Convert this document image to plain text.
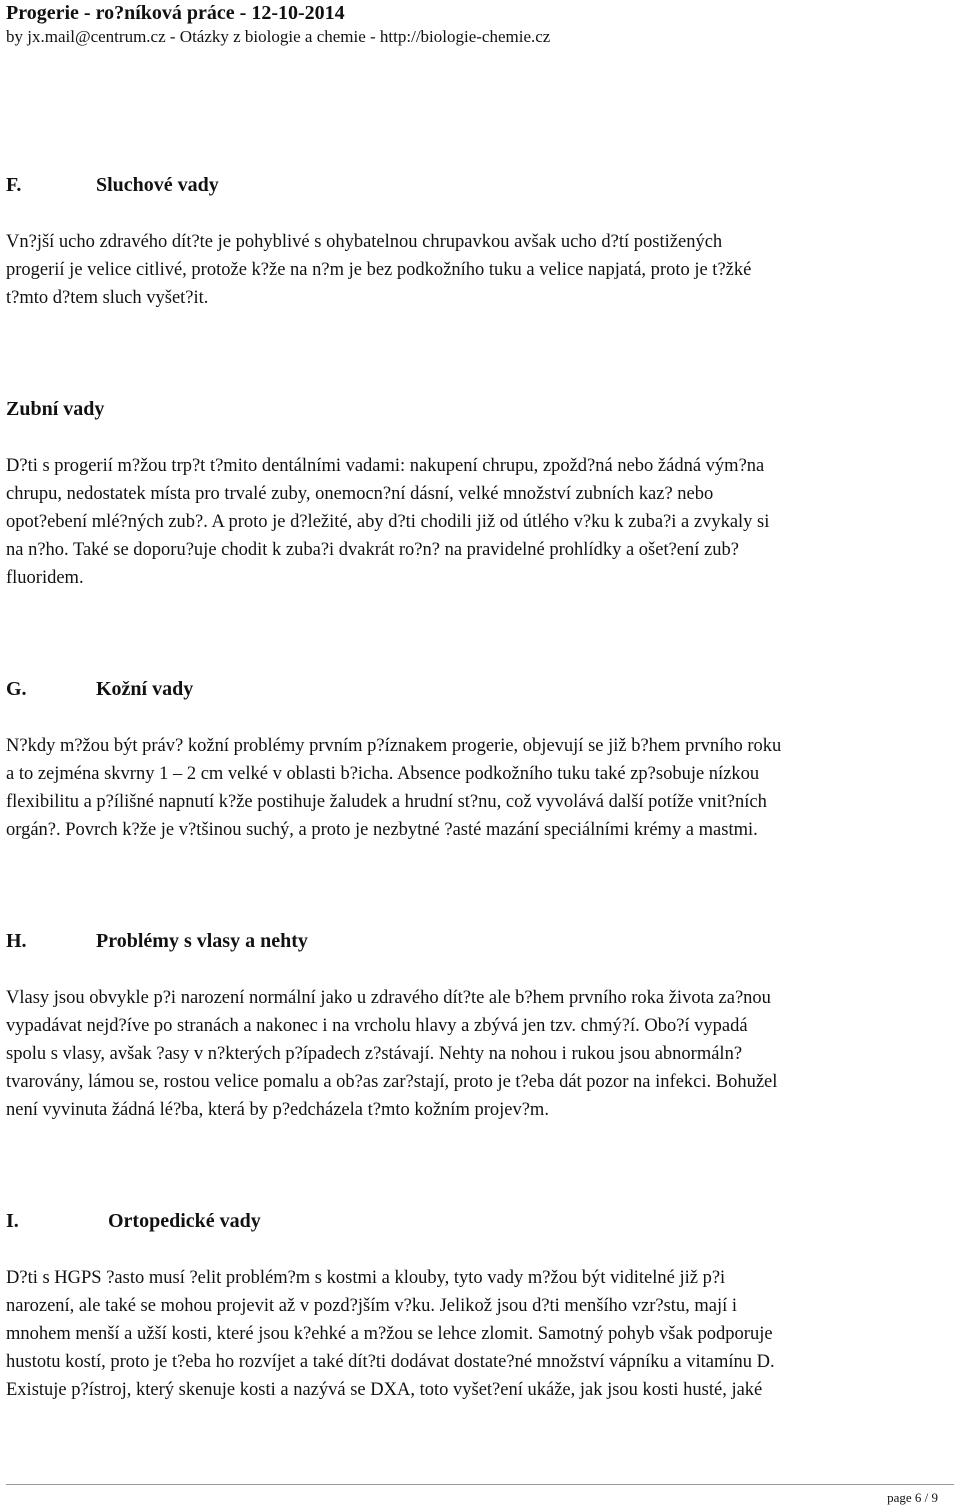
Progerie - ro?níková práce - 12-10-2014
by jx.mail@centrum.cz - Otázky z biologie a chemie - http://biologie-chemie.cz
F.	Sluchové vady

Vn?jší ucho zdravého dít?te je pohyblivé s ohybatelnou chrupavkou avšak ucho d?tí postižených
progerií je velice citlivé, protože k?že na n?m je bez podkožního tuku a velice napjatá, proto je t?žké
t?mto d?tem sluch vyšet?it.

Zubní vady

D?ti s progerií m?žou trp?t t?mito dentálními vadami: nakupení chrupu, zpožd?ná nebo žádná vým?na
chrupu, nedostatek místa pro trvalé zuby, onemocn?ní dásní, velké množství zubních kaz? nebo
opot?ebení mlé?ných zub?. A proto je d?ležité, aby d?ti chodili již od útlého v?ku k zuba?i a zvykaly si
na n?ho. Také se doporu?uje chodit k zuba?i dvakrát ro?n? na pravidelné prohlídky a ošet?ení zub?
fluoridem.

G.	Kožní vady

N?kdy m?žou být práv? kožní problémy prvním p?íznakem progerie, objevují se již b?hem prvního roku
a to zejména skvrny 1 – 2 cm velké v oblasti b?icha. Absence podkožního tuku také zp?sobuje nízkou
flexibilitu a p?ílišné napnutí k?že postihuje žaludek a hrudní st?nu, což vyvolává další potíže vnit?ních
orgán?. Povrch k?že je v?tšinou suchý, a proto je nezbytné ?asté mazání speciálními krémy a mastmi.

H.	Problémy s vlasy a nehty

Vlasy jsou obvykle p?i narození normální jako u zdravého dít?te ale b?hem prvního roka života za?nou
vypadávat nejd?íve po stranách a nakonec i na vrcholu hlavy a zbývá jen tzv. chmý?í. Obo?í vypadá
spolu s vlasy, avšak ?asy v n?kterých p?ípadech z?stávají. Nehty na nohou i rukou jsou abnormáln?
tvarovány, lámou se, rostou velice pomalu a ob?as zar?stají, proto je t?eba dát pozor na infekci. Bohužel
není vyvinuta žádná lé?ba, která by p?edcházela t?mto kožním projev?m.

I.	Ortopedické vady

D?ti s HGPS ?asto musí ?elit problém?m s kostmi a klouby, tyto vady m?žou být viditelné již p?i
narození, ale také se mohou projevit až v pozd?jším v?ku. Jelikož jsou d?ti menšího vzr?stu, mají i
mnohem menší a užší kosti, které jsou k?ehké a m?žou se lehce zlomit. Samotný pohyb však podporuje
hustotu kostí, proto je t?eba ho rozvíjet a také dít?ti dodávat dostate?né množství vápníku a vitamínu D.
Existuje p?ístroj, který skenuje kosti a nazývá se DXA, toto vyšet?ení ukáže, jak jsou kosti husté, jaké

page 6 / 9
